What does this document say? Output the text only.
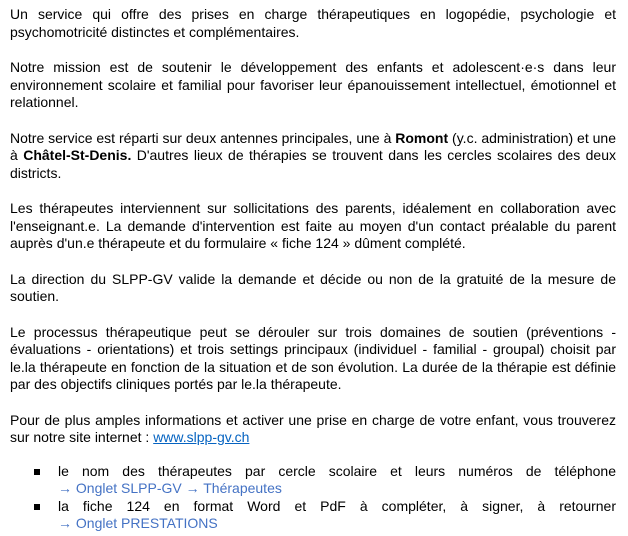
Un service qui offre des prises en charge thérapeutiques en logopédie, psychologie et psychomotricité distinctes et complémentaires.

Notre mission est de soutenir le développement des enfants et adolescent·e·s dans leur environnement scolaire et familial pour favoriser leur épanouissement intellectuel, émotionnel et relationnel.

Notre service est réparti sur deux antennes principales, une à Romont (y.c. administration) et une à Châtel-St-Denis. D'autres lieux de thérapies se trouvent dans les cercles scolaires des deux districts.

Les thérapeutes interviennent sur sollicitations des parents, idéalement en collaboration avec l'enseignant.e. La demande d'intervention est faite au moyen d'un contact préalable du parent auprès d'un.e thérapeute et du formulaire « fiche 124 » dûment complété.

La direction du SLPP-GV valide la demande et décide ou non de la gratuité de la mesure de soutien.

Le processus thérapeutique peut se dérouler sur trois domaines de soutien (préventions - évaluations - orientations) et trois settings principaux (individuel - familial - groupal) choisit par le.la thérapeute en fonction de la situation et de son évolution. La durée de la thérapie est définie par des objectifs cliniques portés par le.la thérapeute.

Pour de plus amples informations et activer une prise en charge de votre enfant, vous trouverez sur notre site internet : www.slpp-gv.ch

le nom des thérapeutes par cercle scolaire et leurs numéros de téléphone
→ Onglet SLPP-GV → Thérapeutes
la fiche 124 en format Word et PdF à compléter, à signer, à retourner
→ Onglet PRESTATIONS
